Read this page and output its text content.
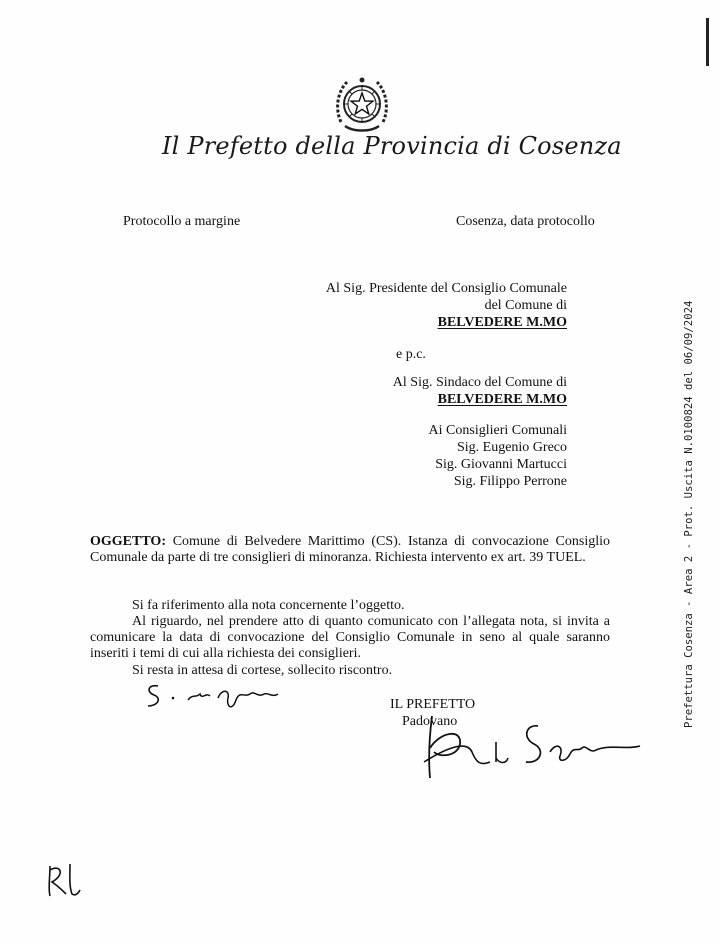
Il Prefetto della Provincia di Cosenza
Protocollo a margine	Cosenza, data protocollo
Al Sig. Presidente del Consiglio Comunale
del Comune di
BELVEDERE M.MO
e p.c.
Al Sig. Sindaco del Comune di
BELVEDERE M.MO
Ai Consiglieri Comunali
Sig. Eugenio Greco
Sig. Giovanni Martucci
Sig. Filippo Perrone

OGGETTO: Comune di Belvedere Marittimo (CS). Istanza di convocazione Consiglio Comunale da parte di tre consiglieri di minoranza. Richiesta intervento ex art. 39 TUEL.

Si fa riferimento alla nota concernente l’oggetto.

Al riguardo, nel prendere atto di quanto comunicato con l’allegata nota, si invita a comunicare la data di convocazione del Consiglio Comunale in seno al quale saranno inseriti i temi di cui alla richiesta dei consiglieri.

Si resta in attesa di cortese, sollecito riscontro.

IL PREFETTO
Padovano	Prefettura Cosenza - Area 2 - Prot. Uscita N.0100824 del 06/09/2024
